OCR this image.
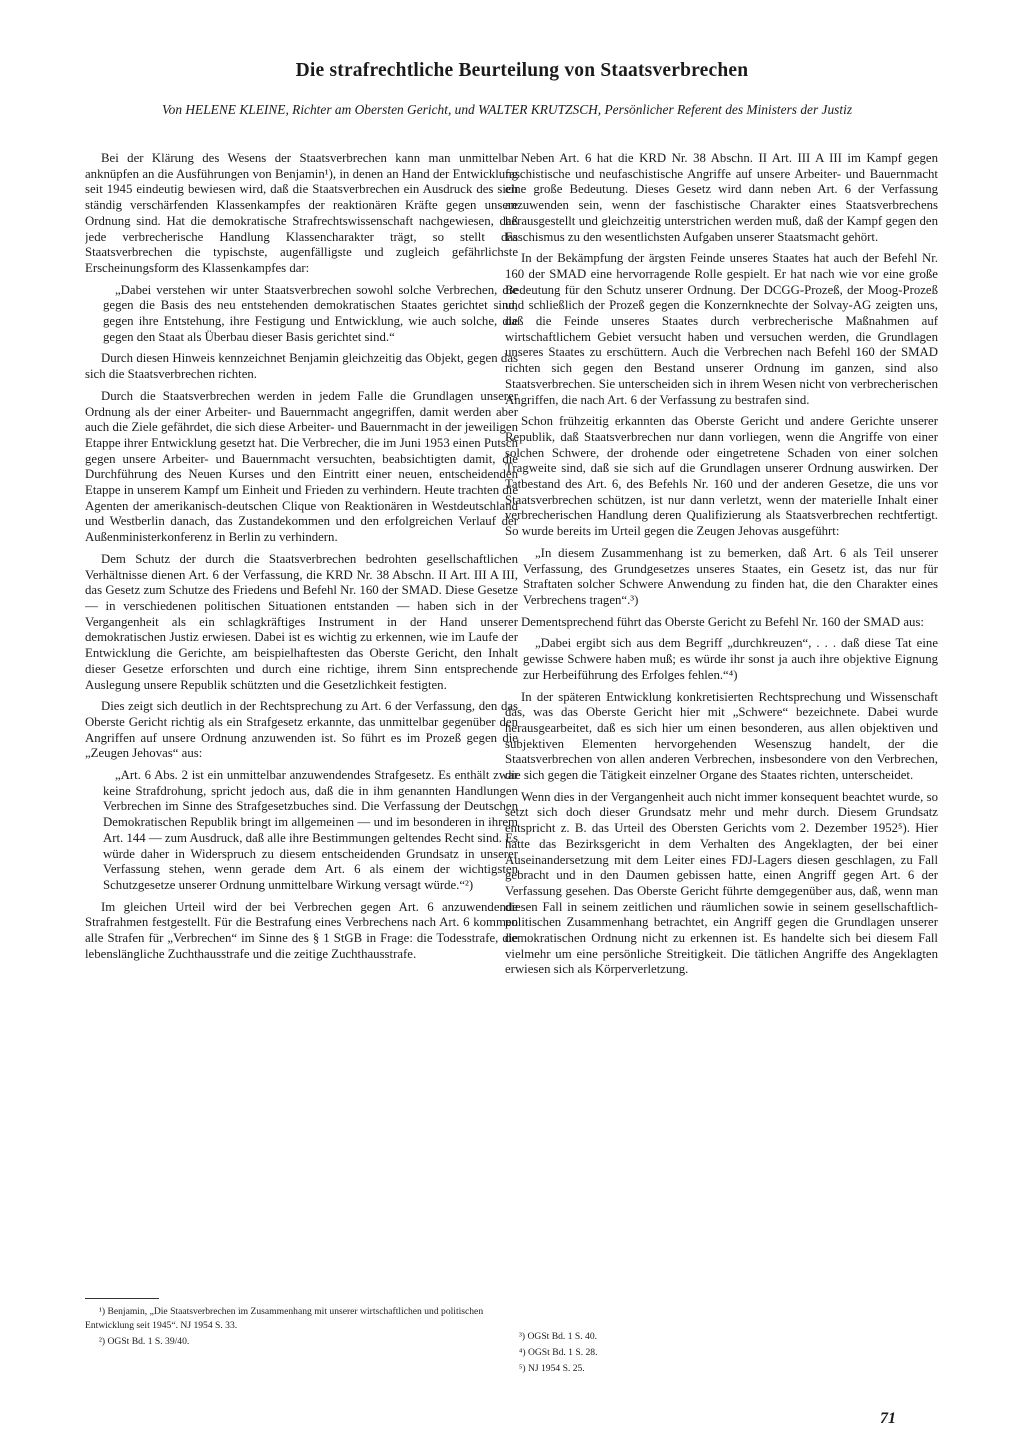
Die strafrechtliche Beurteilung von Staatsverbrechen

Von HELENE KLEINE, Richter am Obersten Gericht, und WALTER KRUTZSCH, Persönlicher Referent des Ministers der Justiz

Bei der Klärung des Wesens der Staatsverbrechen kann man unmittelbar anknüpfen an die Ausführungen von Benjamin¹), in denen an Hand der Entwicklung seit 1945 eindeutig bewiesen wird, daß die Staatsverbrechen ein Ausdruck des sich ständig verschärfenden Klassenkampfes der reaktionären Kräfte gegen unsere Ordnung sind. Hat die demokratische Strafrechtswissenschaft nachgewiesen, daß jede verbrecherische Handlung Klassencharakter trägt, so stellt das Staatsverbrechen die typischste, augenfälligste und zugleich gefährlichste Erscheinungsform des Klassenkampfes dar:

„Dabei verstehen wir unter Staatsverbrechen sowohl solche Verbrechen, die gegen die Basis des neu entstehenden demokratischen Staates gerichtet sind, gegen ihre Entstehung, ihre Festigung und Entwicklung, wie auch solche, die gegen den Staat als Überbau dieser Basis gerichtet sind.“

Durch diesen Hinweis kennzeichnet Benjamin gleichzeitig das Objekt, gegen das sich die Staatsverbrechen richten.

Durch die Staatsverbrechen werden in jedem Falle die Grundlagen unserer Ordnung als der einer Arbeiter- und Bauernmacht angegriffen, damit werden aber auch die Ziele gefährdet, die sich diese Arbeiter- und Bauernmacht in der jeweiligen Etappe ihrer Entwicklung gesetzt hat. Die Verbrecher, die im Juni 1953 einen Putsch gegen unsere Arbeiter- und Bauernmacht versuchten, beabsichtigten damit, die Durchführung des Neuen Kurses und den Eintritt einer neuen, entscheidenden Etappe in unserem Kampf um Einheit und Frieden zu verhindern. Heute trachten die Agenten der amerikanisch-deutschen Clique von Reaktionären in Westdeutschland und Westberlin danach, das Zustandekommen und den erfolgreichen Verlauf der Außenministerkonferenz in Berlin zu verhindern.

Dem Schutz der durch die Staatsverbrechen bedrohten gesellschaftlichen Verhältnisse dienen Art. 6 der Verfassung, die KRD Nr. 38 Abschn. II Art. III A III, das Gesetz zum Schutze des Friedens und Befehl Nr. 160 der SMAD. Diese Gesetze — in verschiedenen politischen Situationen entstanden — haben sich in der Vergangenheit als ein schlagkräftiges Instrument in der Hand unserer demokratischen Justiz erwiesen. Dabei ist es wichtig zu erkennen, wie im Laufe der Entwicklung die Gerichte, am beispielhaftesten das Oberste Gericht, den Inhalt dieser Gesetze erforschten und durch eine richtige, ihrem Sinn entsprechende Auslegung unsere Republik schützten und die Gesetzlichkeit festigten.

Dies zeigt sich deutlich in der Rechtsprechung zu Art. 6 der Verfassung, den das Oberste Gericht richtig als ein Strafgesetz erkannte, das unmittelbar gegenüber den Angriffen auf unsere Ordnung anzuwenden ist. So führt es im Prozeß gegen die „Zeugen Jehovas“ aus:

„Art. 6 Abs. 2 ist ein unmittelbar anzuwendendes Strafgesetz. Es enthält zwar keine Strafdrohung, spricht jedoch aus, daß die in ihm genannten Handlungen Verbrechen im Sinne des Strafgesetzbuches sind. Die Verfassung der Deutschen Demokratischen Republik bringt im allgemeinen — und im besonderen in ihrem Art. 144 — zum Ausdruck, daß alle ihre Bestimmungen geltendes Recht sind. Es würde daher in Widerspruch zu diesem entscheidenden Grundsatz in unserer Verfassung stehen, wenn gerade dem Art. 6 als einem der wichtigsten Schutzgesetze unserer Ordnung unmittelbare Wirkung versagt würde.“²)

Im gleichen Urteil wird der bei Verbrechen gegen Art. 6 anzuwendende Strafrahmen festgestellt. Für die Bestrafung eines Verbrechens nach Art. 6 kommen alle Strafen für „Verbrechen“ im Sinne des § 1 StGB in Frage: die Todesstrafe, die lebenslängliche Zuchthausstrafe und die zeitige Zuchthausstrafe.

Neben Art. 6 hat die KRD Nr. 38 Abschn. II Art. III A III im Kampf gegen faschistische und neufaschistische Angriffe auf unsere Arbeiter- und Bauernmacht eine große Bedeutung. Dieses Gesetz wird dann neben Art. 6 der Verfassung anzuwenden sein, wenn der faschistische Charakter eines Staatsverbrechens herausgestellt und gleichzeitig unterstrichen werden muß, daß der Kampf gegen den Faschismus zu den wesentlichsten Aufgaben unserer Staatsmacht gehört.

In der Bekämpfung der ärgsten Feinde unseres Staates hat auch der Befehl Nr. 160 der SMAD eine hervorragende Rolle gespielt. Er hat nach wie vor eine große Bedeutung für den Schutz unserer Ordnung. Der DCGG-Prozeß, der Moog-Prozeß und schließlich der Prozeß gegen die Konzernknechte der Solvay-AG zeigten uns, daß die Feinde unseres Staates durch verbrecherische Maßnahmen auf wirtschaftlichem Gebiet versucht haben und versuchen werden, die Grundlagen unseres Staates zu erschüttern. Auch die Verbrechen nach Befehl 160 der SMAD richten sich gegen den Bestand unserer Ordnung im ganzen, sind also Staatsverbrechen. Sie unterscheiden sich in ihrem Wesen nicht von verbrecherischen Angriffen, die nach Art. 6 der Verfassung zu bestrafen sind.

Schon frühzeitig erkannten das Oberste Gericht und andere Gerichte unserer Republik, daß Staatsverbrechen nur dann vorliegen, wenn die Angriffe von einer solchen Schwere, der drohende oder eingetretene Schaden von einer solchen Tragweite sind, daß sie sich auf die Grundlagen unserer Ordnung auswirken. Der Tatbestand des Art. 6, des Befehls Nr. 160 und der anderen Gesetze, die uns vor Staatsverbrechen schützen, ist nur dann verletzt, wenn der materielle Inhalt einer verbrecherischen Handlung deren Qualifizierung als Staatsverbrechen rechtfertigt. So wurde bereits im Urteil gegen die Zeugen Jehovas ausgeführt:

„In diesem Zusammenhang ist zu bemerken, daß Art. 6 als Teil unserer Verfassung, des Grundgesetzes unseres Staates, ein Gesetz ist, das nur für Straftaten solcher Schwere Anwendung zu finden hat, die den Charakter eines Verbrechens tragen“.³)

Dementsprechend führt das Oberste Gericht zu Befehl Nr. 160 der SMAD aus:

„Dabei ergibt sich aus dem Begriff „durchkreuzen“, . . . daß diese Tat eine gewisse Schwere haben muß; es würde ihr sonst ja auch ihre objektive Eignung zur Herbeiführung des Erfolges fehlen.“⁴)

In der späteren Entwicklung konkretisierten Rechtsprechung und Wissenschaft das, was das Oberste Gericht hier mit „Schwere“ bezeichnete. Dabei wurde herausgearbeitet, daß es sich hier um einen besonderen, aus allen objektiven und subjektiven Elementen hervorgehenden Wesenszug handelt, der die Staatsverbrechen von allen anderen Verbrechen, insbesondere von den Verbrechen, die sich gegen die Tätigkeit einzelner Organe des Staates richten, unterscheidet.

Wenn dies in der Vergangenheit auch nicht immer konsequent beachtet wurde, so setzt sich doch dieser Grundsatz mehr und mehr durch. Diesem Grundsatz entspricht z. B. das Urteil des Obersten Gerichts vom 2. Dezember 1952⁵). Hier hatte das Bezirksgericht in dem Verhalten des Angeklagten, der bei einer Auseinandersetzung mit dem Leiter eines FDJ-Lagers diesen geschlagen, zu Fall gebracht und in den Daumen gebissen hatte, einen Angriff gegen Art. 6 der Verfassung gesehen. Das Oberste Gericht führte demgegenüber aus, daß, wenn man diesen Fall in seinem zeitlichen und räumlichen sowie in seinem gesellschaftlich-politischen Zusammenhang betrachtet, ein Angriff gegen die Grundlagen unserer demokratischen Ordnung nicht zu erkennen ist. Es handelte sich bei diesem Fall vielmehr um eine persönliche Streitigkeit. Die tätlichen Angriffe des Angeklagten erwiesen sich als Körperverletzung.

¹) Benjamin, „Die Staatsverbrechen im Zusammenhang mit unserer wirtschaftlichen und politischen Entwicklung seit 1945“. NJ 1954 S. 33.

²) OGSt Bd. 1 S. 39/40.	³) OGSt Bd. 1 S. 40.

⁴) OGSt Bd. 1 S. 28.

⁵) NJ 1954 S. 25.

71
